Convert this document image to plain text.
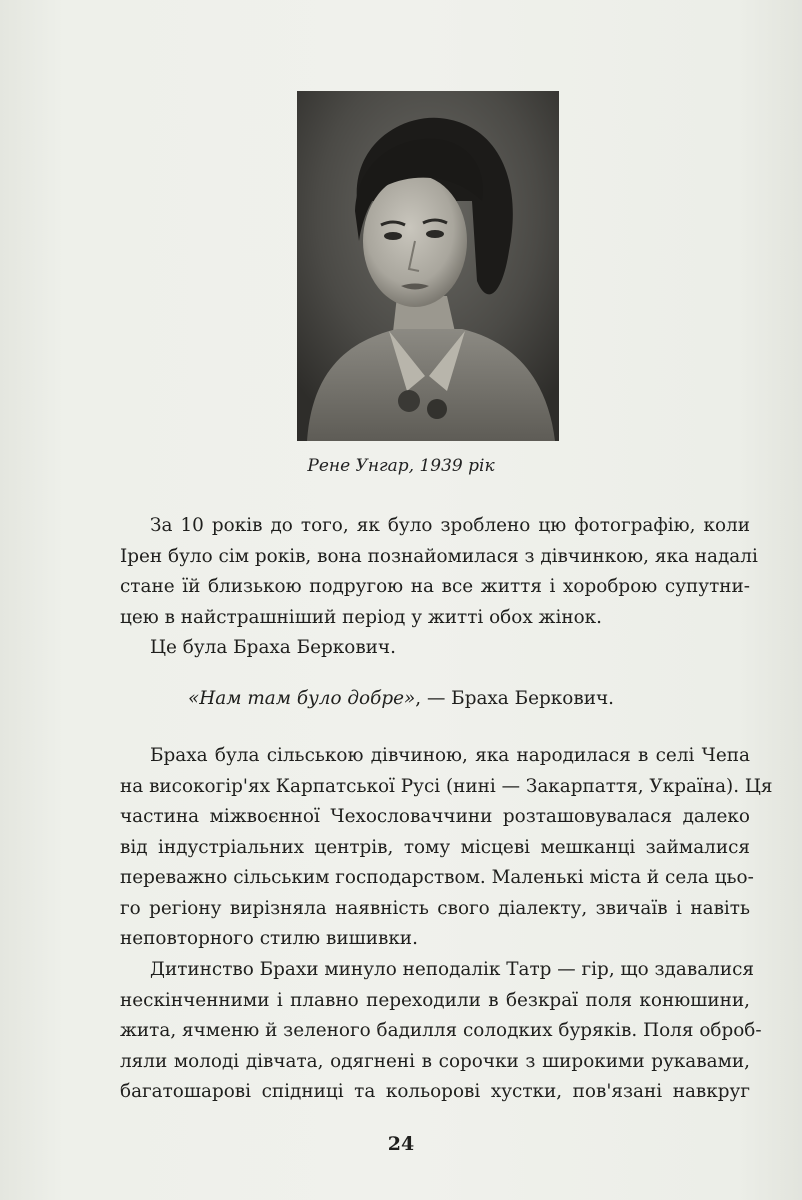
Рене Унгар, 1939 рік
За 10 років до того, як було зроблено цю фотографію, коли
Ірен було сім років, вона познайомилася з дівчинкою, яка надалі
стане їй близькою подругою на все життя і хороброю супутни-
цею в найстрашніший період у житті обох жінок.
Це була Браха Беркович.
«Нам там було добре», — Браха Беркович.
Браха була сільською дівчиною, яка народилася в селі Чепа
на високогір'ях Карпатської Русі (нині — Закарпаття, Україна). Ця
частина міжвоєнної Чехословаччини розташовувалася далеко
від індустріальних центрів, тому місцеві мешканці займалися
переважно сільським господарством. Маленькі міста й села цьо-
го регіону вирізняла наявність свого діалекту, звичаїв і навіть
неповторного стилю вишивки.
Дитинство Брахи минуло неподалік Татр — гір, що здавалися
нескінченними і плавно переходили в безкраї поля конюшини,
жита, ячменю й зеленого бадилля солодких буряків. Поля оброб-
ляли молоді дівчата, одягнені в сорочки з широкими рукавами,
багатошарові спідниці та кольорові хустки, пов'язані навкруг
24
